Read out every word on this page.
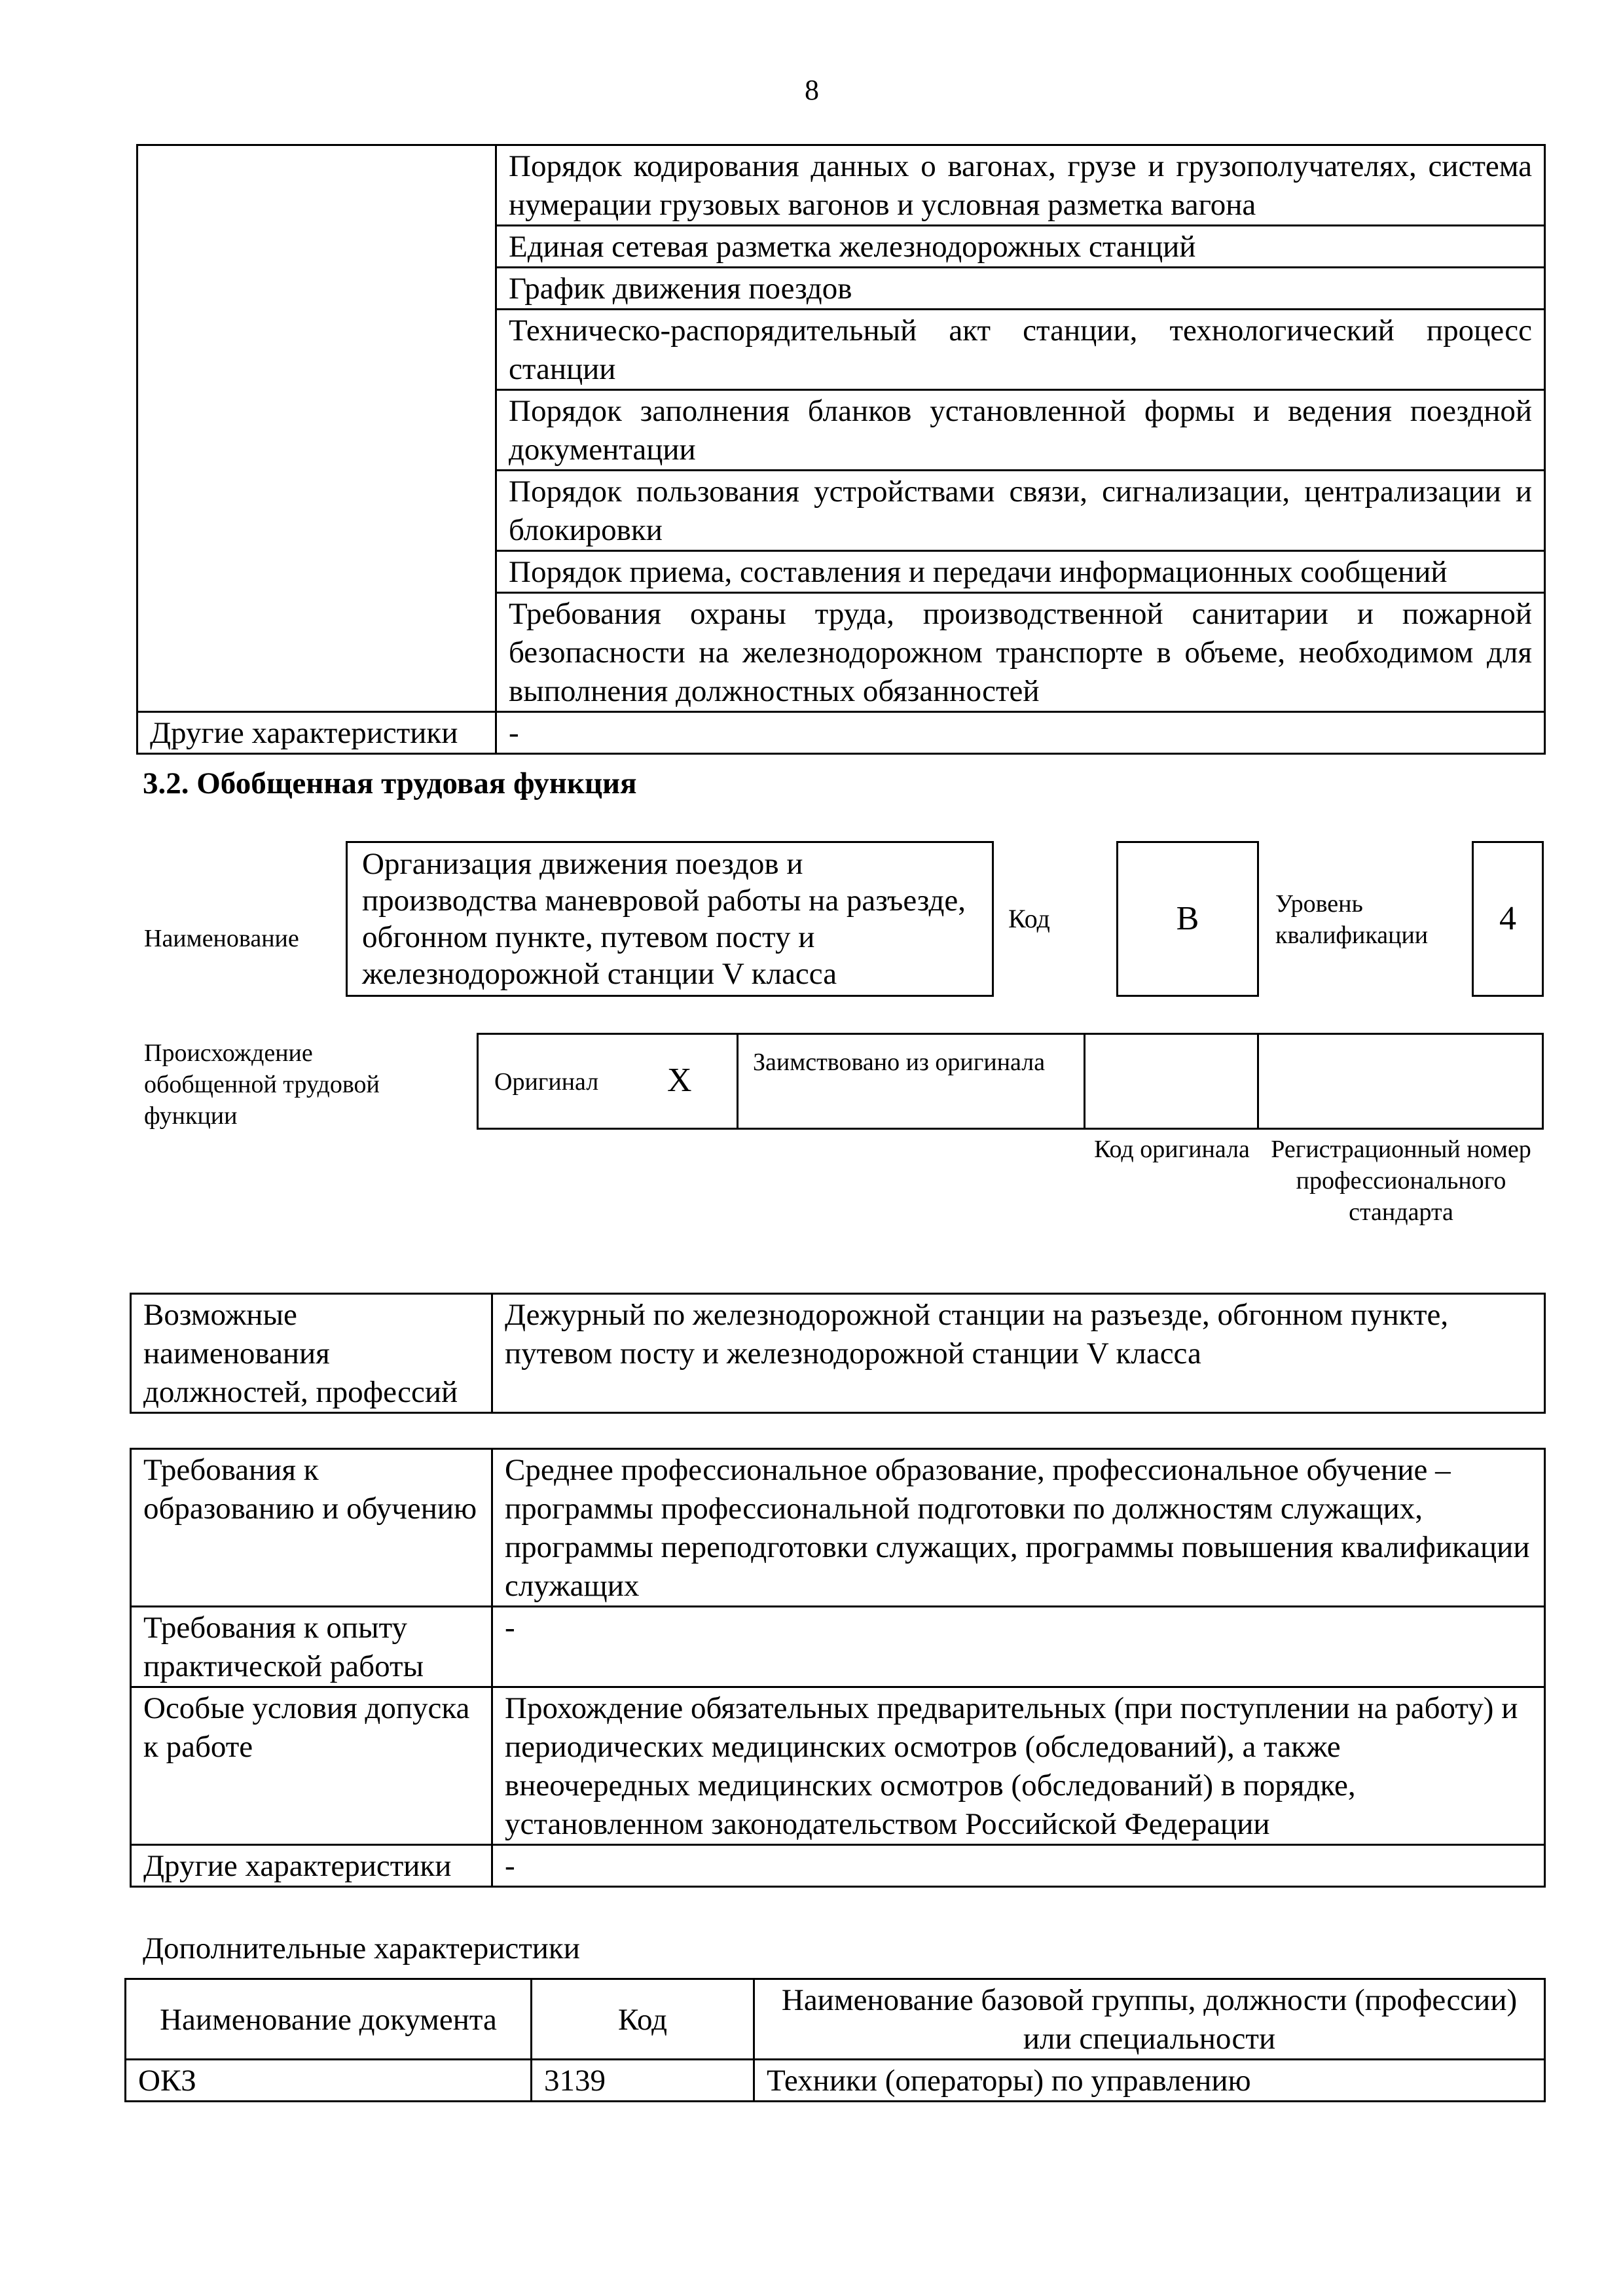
8
	Порядок кодирования данных о вагонах, грузе и грузополучателях, система нумерации грузовых вагонов и условная разметка вагона
	Единая сетевая разметка железнодорожных станций
	График движения поездов
	Техническо-распорядительный акт станции, технологический процесс станции
	Порядок заполнения бланков установленной формы и ведения поездной документации
	Порядок пользования устройствами связи, сигнализации, централизации и блокировки
	Порядок приема, составления и передачи информационных сообщений
	Требования охраны труда, производственной санитарии и пожарной безопасности на железнодорожном транспорте в объеме, необходимом для выполнения должностных обязанностей
Другие характеристики	-
3.2. Обобщенная трудовая функция
Наименование
Организация движения поездов и производства маневровой работы на разъезде, обгонном пункте, путевом посту и железнодорожной станции V класса
Код	B	Уровень квалификации	4
Происхождение обобщенной трудовой функции
Оригинал X	Заимствовано из оригинала
Код оригинала Регистрационный номер профессионального стандарта
Возможные наименования должностей, профессий	Дежурный по железнодорожной станции на разъезде, обгонном пункте, путевом посту и железнодорожной станции V класса
Требования к образованию и обучению	Среднее профессиональное образование, профессиональное обучение – программы профессиональной подготовки по должностям служащих, программы переподготовки служащих, программы повышения квалификации служащих
Требования к опыту практической работы	-
Особые условия допуска к работе	Прохождение обязательных предварительных (при поступлении на работу) и периодических медицинских осмотров (обследований), а также внеочередных медицинских осмотров (обследований) в порядке, установленном законодательством Российской Федерации
Другие характеристики	-
Дополнительные характеристики
Наименование документа	Код	Наименование базовой группы, должности (профессии) или специальности
ОКЗ	3139	Техники (операторы) по управлению
